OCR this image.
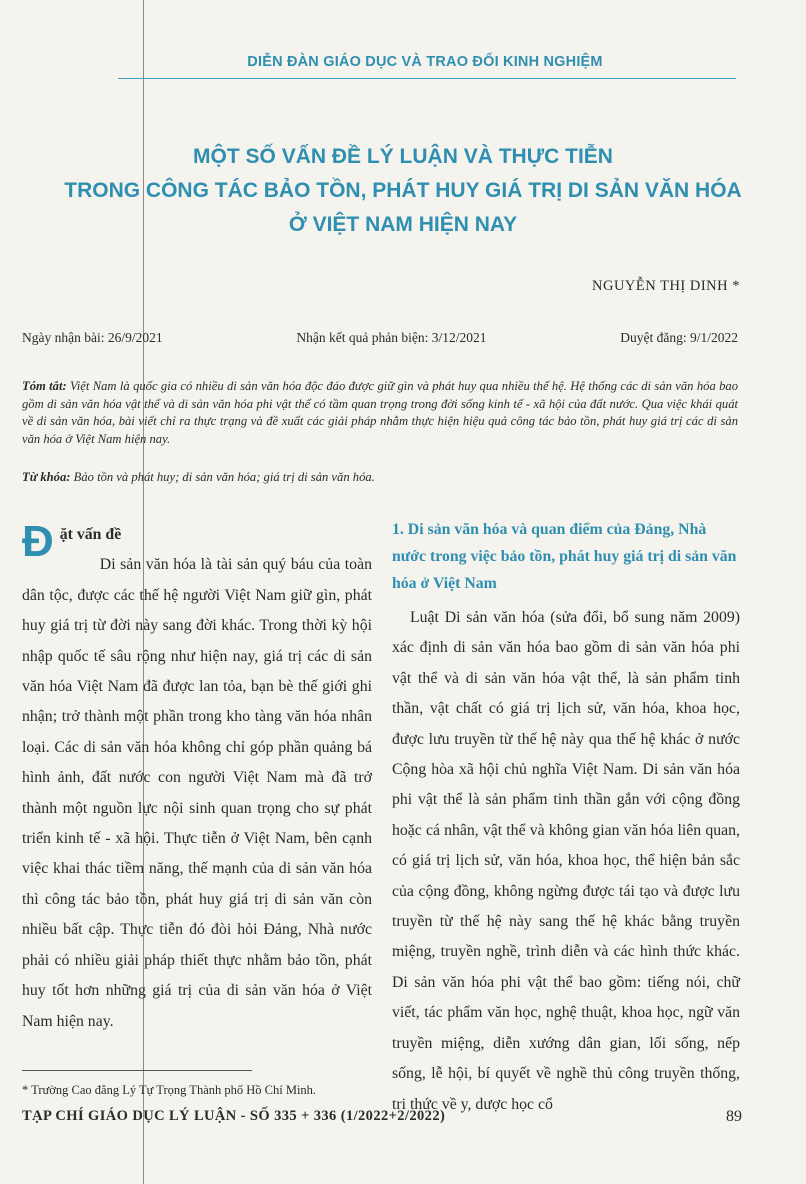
DIỄN ĐÀN GIÁO DỤC VÀ TRAO ĐỔI KINH NGHIỆM
MỘT SỐ VẤN ĐỀ LÝ LUẬN VÀ THỰC TIỄN
TRONG CÔNG TÁC BẢO TỒN, PHÁT HUY GIÁ TRỊ DI SẢN VĂN HÓA
Ở VIỆT NAM HIỆN NAY
NGUYỄN THỊ DINH *
Ngày nhận bài: 26/9/2021	Nhận kết quả phản biện: 3/12/2021	Duyệt đăng: 9/1/2022
Tóm tắt: Việt Nam là quốc gia có nhiều di sản văn hóa độc đáo được giữ gìn và phát huy qua nhiều thế hệ. Hệ thống các di sản văn hóa bao gồm di sản văn hóa vật thể và di sản văn hóa phi vật thể có tầm quan trọng trong đời sống kinh tế - xã hội của đất nước. Qua việc khái quát về di sản văn hóa, bài viết chỉ ra thực trạng và đề xuất các giải pháp nhằm thực hiện hiệu quả công tác bảo tồn, phát huy giá trị các di sản văn hóa ở Việt Nam hiện nay.
Từ khóa: Bảo tồn và phát huy; di sản văn hóa; giá trị di sản văn hóa.
Đ ặt vấn đề

Di sản văn hóa là tài sản quý báu của toàn dân tộc, được các thế hệ người Việt Nam giữ gìn, phát huy giá trị từ đời này sang đời khác. Trong thời kỳ hội nhập quốc tế sâu rộng như hiện nay, giá trị các di sản văn hóa Việt Nam đã được lan tỏa, bạn bè thế giới ghi nhận; trở thành một phần trong kho tàng văn hóa nhân loại. Các di sản văn hóa không chỉ góp phần quảng bá hình ảnh, đất nước con người Việt Nam mà đã trở thành một nguồn lực nội sinh quan trọng cho sự phát triển kinh tế - xã hội. Thực tiễn ở Việt Nam, bên cạnh việc khai thác tiềm năng, thế mạnh của di sản văn hóa thì công tác bảo tồn, phát huy giá trị di sản văn còn nhiều bất cập. Thực tiễn đó đòi hỏi Đảng, Nhà nước phải có nhiều giải pháp thiết thực nhằm bảo tồn, phát huy tốt hơn những giá trị của di sản văn hóa ở Việt Nam hiện nay.

1. Di sản văn hóa và quan điểm của Đảng, Nhà nước trong việc bảo tồn, phát huy giá trị di sản văn hóa ở Việt Nam

Luật Di sản văn hóa (sửa đổi, bổ sung năm 2009) xác định di sản văn hóa bao gồm di sản văn hóa phi vật thể và di sản văn hóa vật thể, là sản phẩm tinh thần, vật chất có giá trị lịch sử, văn hóa, khoa học, được lưu truyền từ thế hệ này qua thế hệ khác ở nước Cộng hòa xã hội chủ nghĩa Việt Nam. Di sản văn hóa phi vật thể là sản phẩm tinh thần gắn với cộng đồng hoặc cá nhân, vật thể và không gian văn hóa liên quan, có giá trị lịch sử, văn hóa, khoa học, thể hiện bản sắc của cộng đồng, không ngừng được tái tạo và được lưu truyền từ thế hệ này sang thế hệ khác bằng truyền miệng, truyền nghề, trình diễn và các hình thức khác. Di sản văn hóa phi vật thể bao gồm: tiếng nói, chữ viết, tác phẩm văn học, nghệ thuật, khoa học, ngữ văn truyền miệng, diễn xướng dân gian, lối sống, nếp sống, lễ hội, bí quyết về nghề thủ công truyền thống, tri thức về y, dược học cổ

* Trường Cao đẳng Lý Tự Trọng Thành phố Hồ Chí Minh.
TẠP CHÍ GIÁO DỤC LÝ LUẬN - SỐ 335 + 336 (1/2022+2/2022)	89
